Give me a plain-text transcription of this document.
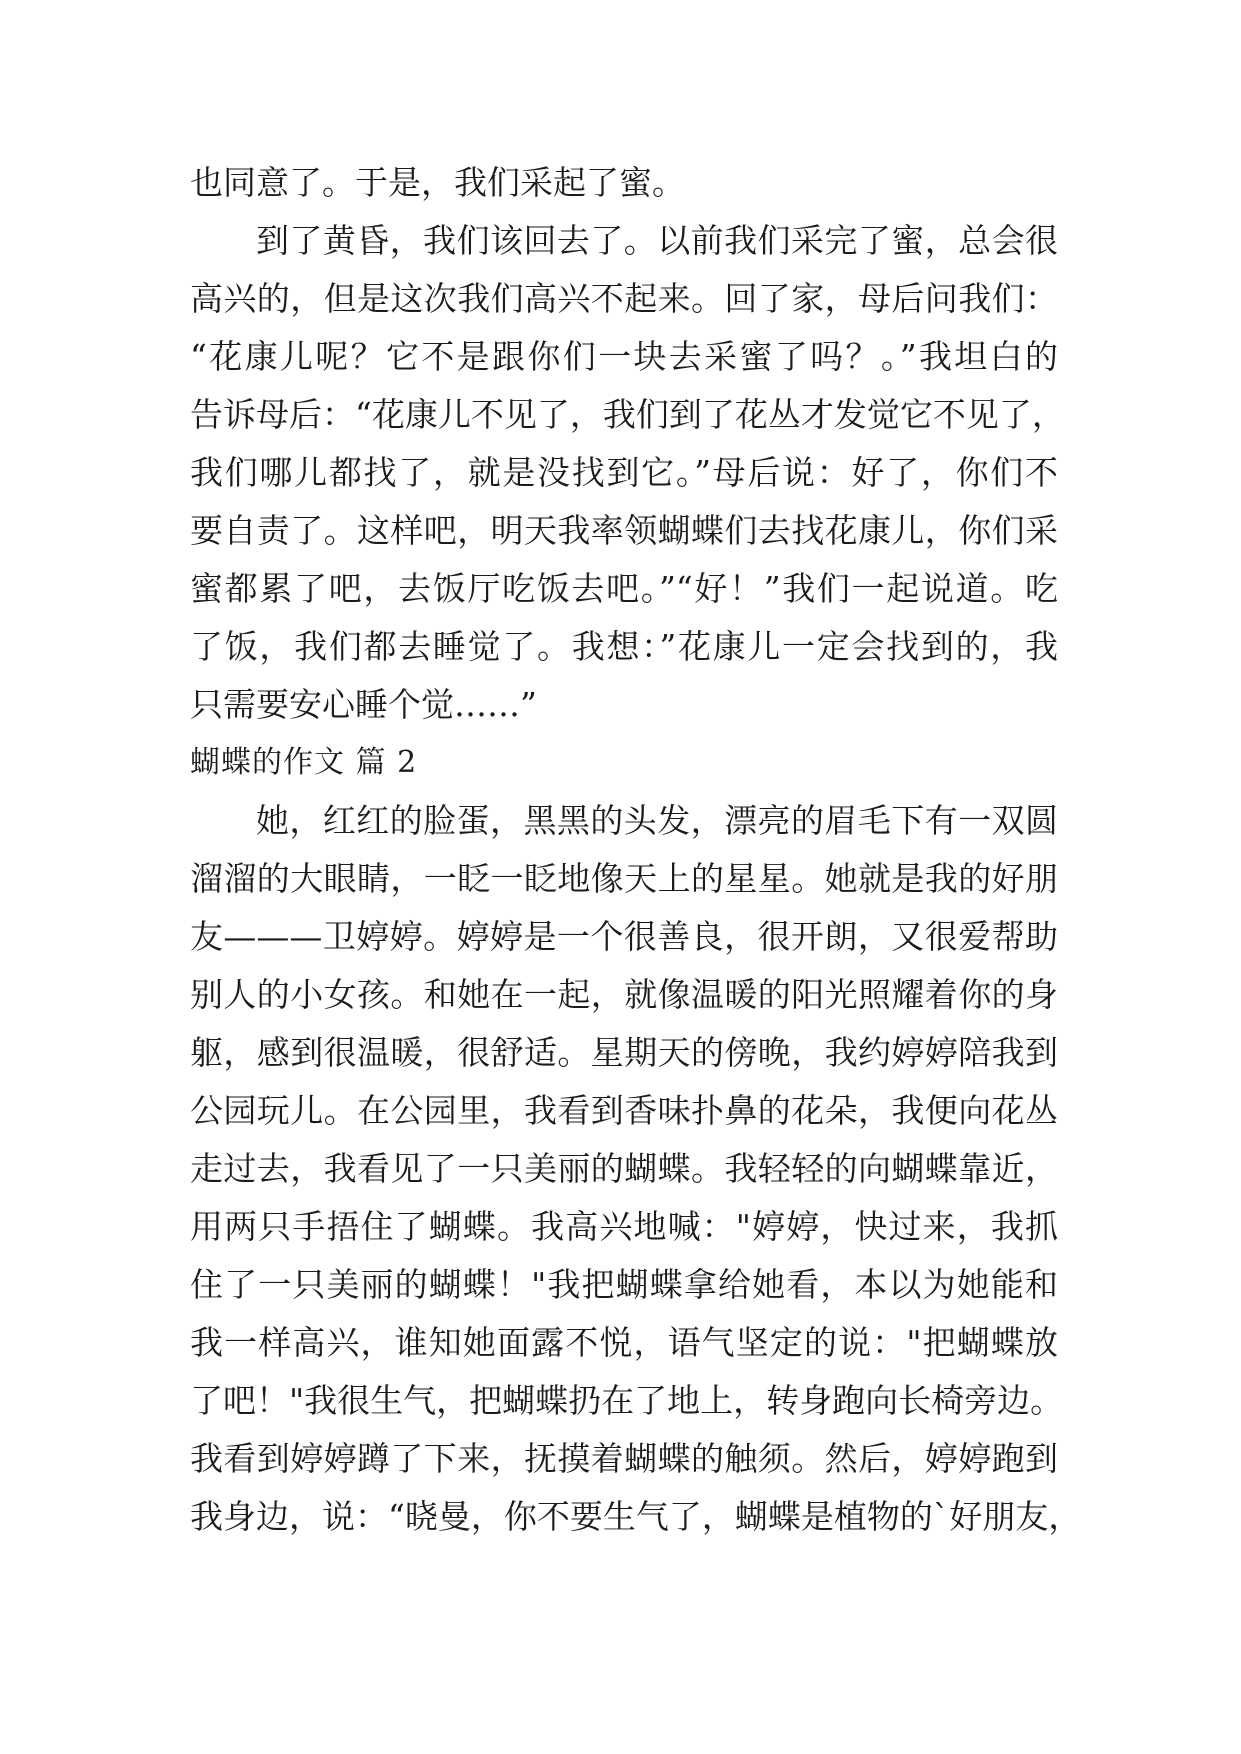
也同意了。于是，我们采起了蜜。
到了黄昏，我们该回去了。以前我们采完了蜜，总会很
高兴的，但是这次我们高兴不起来。回了家，母后问我们：
“花康儿呢？它不是跟你们一块去采蜜了吗？。”我坦白的
告诉母后：“花康儿不见了，我们到了花丛才发觉它不见了，
我们哪儿都找了，就是没找到它。”母后说：好了，你们不
要自责了。这样吧，明天我率领蝴蝶们去找花康儿，你们采
蜜都累了吧，去饭厅吃饭去吧。”“好！”我们一起说道。吃
了饭，我们都去睡觉了。我想：”花康儿一定会找到的，我
只需要安心睡个觉……”
蝴蝶的作文 篇 2
她，红红的脸蛋，黑黑的头发，漂亮的眉毛下有一双圆
溜溜的大眼睛，一眨一眨地像天上的星星。她就是我的好朋
友———卫婷婷。婷婷是一个很善良，很开朗，又很爱帮助
别人的小女孩。和她在一起，就像温暖的阳光照耀着你的身
躯，感到很温暖，很舒适。星期天的傍晚，我约婷婷陪我到
公园玩儿。在公园里，我看到香味扑鼻的花朵，我便向花丛
走过去，我看见了一只美丽的蝴蝶。我轻轻的向蝴蝶靠近，
用两只手捂住了蝴蝶。我高兴地喊："婷婷，快过来，我抓
住了一只美丽的蝴蝶！"我把蝴蝶拿给她看，本以为她能和
我一样高兴，谁知她面露不悦，语气坚定的说："把蝴蝶放
了吧！"我很生气，把蝴蝶扔在了地上，转身跑向长椅旁边。
我看到婷婷蹲了下来，抚摸着蝴蝶的触须。然后，婷婷跑到
我身边，说：“晓曼，你不要生气了，蝴蝶是植物的`好朋友，
